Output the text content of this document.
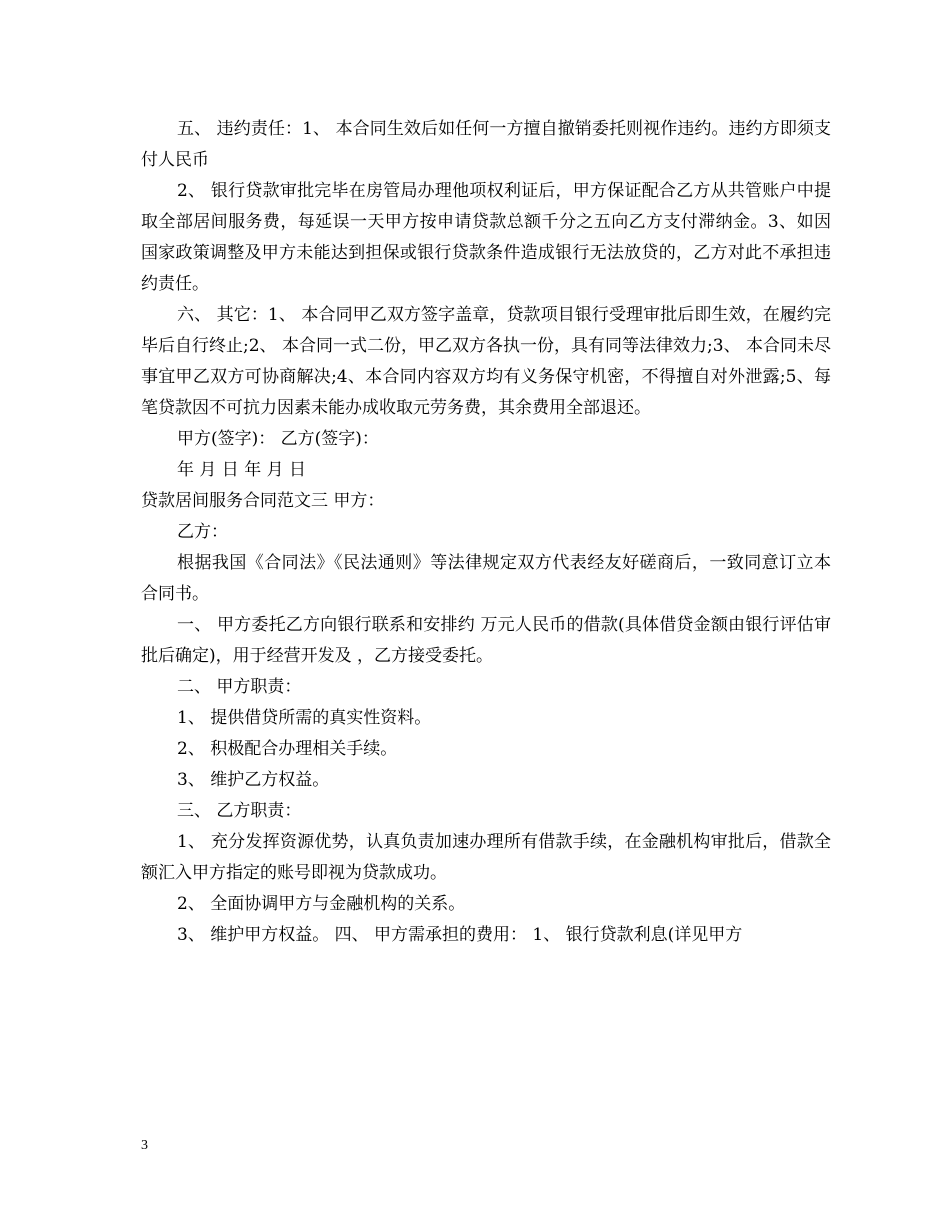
五、 违约责任：1、 本合同生效后如任何一方擅自撤销委托则视作违约。违约方即须支付人民币

2、 银行贷款审批完毕在房管局办理他项权利证后，甲方保证配合乙方从共管账户中提取全部居间服务费，每延误一天甲方按申请贷款总额千分之五向乙方支付滞纳金。3、如因国家政策调整及甲方未能达到担保或银行贷款条件造成银行无法放贷的，乙方对此不承担违约责任。

六、 其它：1、 本合同甲乙双方签字盖章，贷款项目银行受理审批后即生效，在履约完毕后自行终止;2、 本合同一式二份，甲乙双方各执一份，具有同等法律效力;3、 本合同未尽事宜甲乙双方可协商解决;4、本合同内容双方均有义务保守机密，不得擅自对外泄露;5、每笔贷款因不可抗力因素未能办成收取元劳务费，其余费用全部退还。

甲方(签字)： 乙方(签字)：

年 月 日 年 月 日

贷款居间服务合同范文三 甲方：

乙方：

根据我国《合同法》《民法通则》等法律规定双方代表经友好磋商后，一致同意订立本合同书。

一、 甲方委托乙方向银行联系和安排约 万元人民币的借款(具体借贷金额由银行评估审批后确定)，用于经营开发及 ，乙方接受委托。

二、 甲方职责：

1、 提供借贷所需的真实性资料。

2、 积极配合办理相关手续。

3、 维护乙方权益。

三、 乙方职责：

1、 充分发挥资源优势，认真负责加速办理所有借款手续，在金融机构审批后，借款全额汇入甲方指定的账号即视为贷款成功。

2、 全面协调甲方与金融机构的关系。

3、 维护甲方权益。 四、 甲方需承担的费用： 1、 银行贷款利息(详见甲方

3
